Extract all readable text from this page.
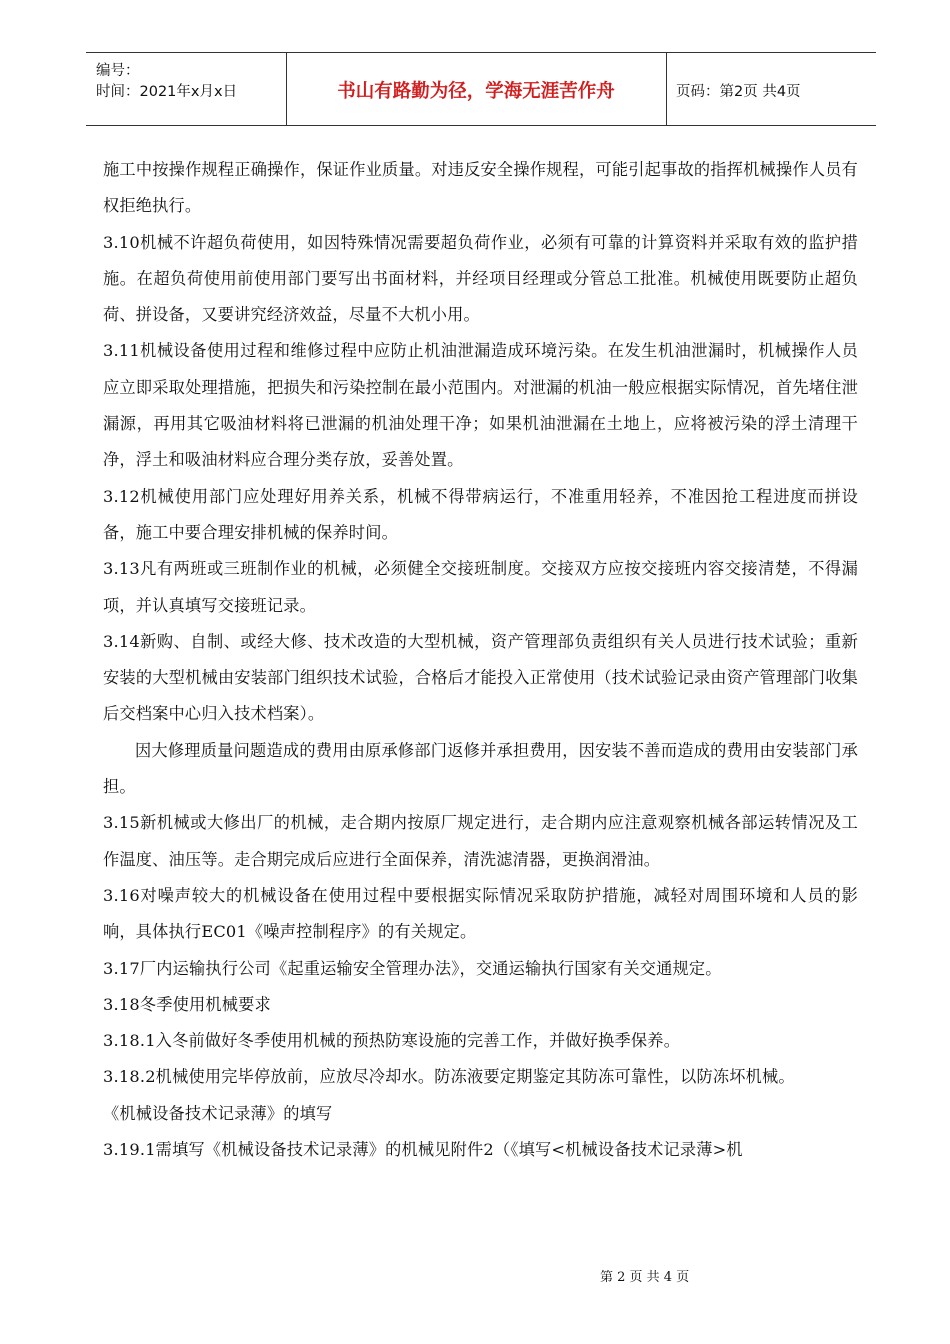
编号：
时间：2021年x月x日	书山有路勤为径，学海无涯苦作舟	页码：第2页 共4页

施工中按操作规程正确操作，保证作业质量。对违反安全操作规程，可能引起事故的指挥机械操作人员有权拒绝执行。

3.10机械不许超负荷使用，如因特殊情况需要超负荷作业，必须有可靠的计算资料并采取有效的监护措施。在超负荷使用前使用部门要写出书面材料，并经项目经理或分管总工批准。机械使用既要防止超负荷、拼设备，又要讲究经济效益，尽量不大机小用。

3.11机械设备使用过程和维修过程中应防止机油泄漏造成环境污染。在发生机油泄漏时，机械操作人员应立即采取处理措施，把损失和污染控制在最小范围内。对泄漏的机油一般应根据实际情况，首先堵住泄漏源，再用其它吸油材料将已泄漏的机油处理干净；如果机油泄漏在土地上，应将被污染的浮土清理干净，浮土和吸油材料应合理分类存放，妥善处置。

3.12机械使用部门应处理好用养关系，机械不得带病运行，不准重用轻养，不准因抢工程进度而拼设备，施工中要合理安排机械的保养时间。

3.13凡有两班或三班制作业的机械，必须健全交接班制度。交接双方应按交接班内容交接清楚，不得漏项，并认真填写交接班记录。

3.14新购、自制、或经大修、技术改造的大型机械，资产管理部负责组织有关人员进行技术试验；重新安装的大型机械由安装部门组织技术试验，合格后才能投入正常使用（技术试验记录由资产管理部门收集后交档案中心归入技术档案）。

因大修理质量问题造成的费用由原承修部门返修并承担费用，因安装不善而造成的费用由安装部门承担。

3.15新机械或大修出厂的机械，走合期内按原厂规定进行，走合期内应注意观察机械各部运转情况及工作温度、油压等。走合期完成后应进行全面保养，清洗滤清器，更换润滑油。

3.16对噪声较大的机械设备在使用过程中要根据实际情况采取防护措施，减轻对周围环境和人员的影响，具体执行EC01《噪声控制程序》的有关规定。

3.17厂内运输执行公司《起重运输安全管理办法》，交通运输执行国家有关交通规定。

3.18冬季使用机械要求

3.18.1入冬前做好冬季使用机械的预热防寒设施的完善工作，并做好换季保养。

3.18.2机械使用完毕停放前，应放尽冷却水。防冻液要定期鉴定其防冻可靠性，以防冻坏机械。

《机械设备技术记录薄》的填写

3.19.1需填写《机械设备技术记录薄》的机械见附件2（《填写<机械设备技术记录薄>机

第 2 页 共 4 页
